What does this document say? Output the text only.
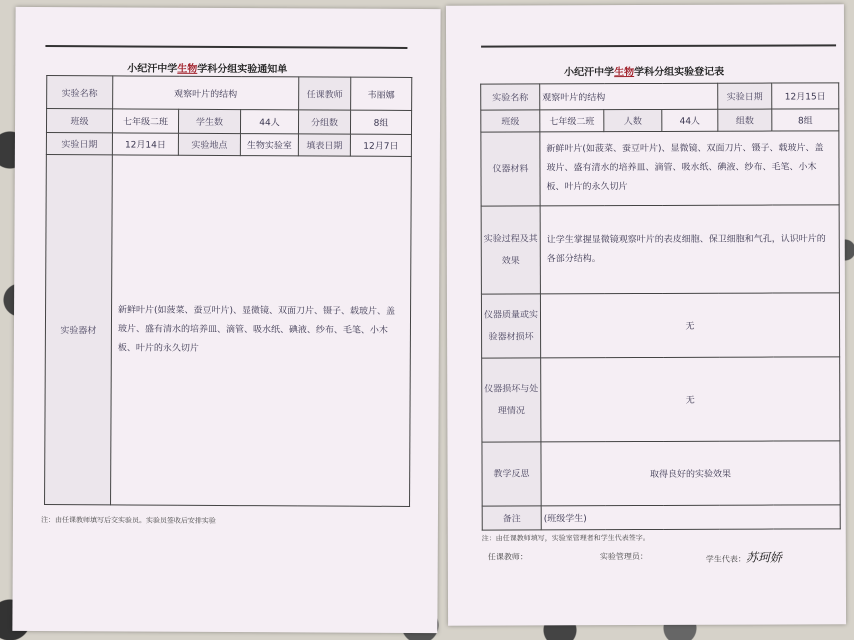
小纪汗中学生物学科分组实验通知单
实验名称	观察叶片的结构			任课教师	韦丽娜
班级	七年级二班	学生数	44人	分组数	8组
实验日期	12月14日	实验地点	生物实验室	填表日期	12月7日
实验器材	新鲜叶片(如菠菜、蚕豆叶片)、显微镜、双面刀片、镊子、载玻片、盖玻片、盛有清水的培养皿、滴管、吸水纸、碘液、纱布、毛笔、小木板、叶片的永久切片				
注：由任课教师填写后交实验员。实验员签收后安排实验
小纪汗中学生物学科分组实验登记表
实验名称	观察叶片的结构			实验日期	12月15日
班级	七年级二班	人数	44人	组数	8组
仪器材料	新鲜叶片(如菠菜、蚕豆叶片)、显微镜、双面刀片、镊子、载玻片、盖玻片、盛有清水的培养皿、滴管、吸水纸、碘液、纱布、毛笔、小木板、叶片的永久切片				
实验过程及其效果	让学生掌握显微镜观察叶片的表皮细胞、保卫细胞和气孔，认识叶片的各部分结构。				
仪器质量或实验器材损坏	无				
仪器损坏与处理情况	无				
教学反思	取得良好的实验效果				
备注	(班级学生)				
注：由任课教师填写，实验室管理者和学生代表签字。
任课教师：	实验管理员：	学生代表：苏珂娇
